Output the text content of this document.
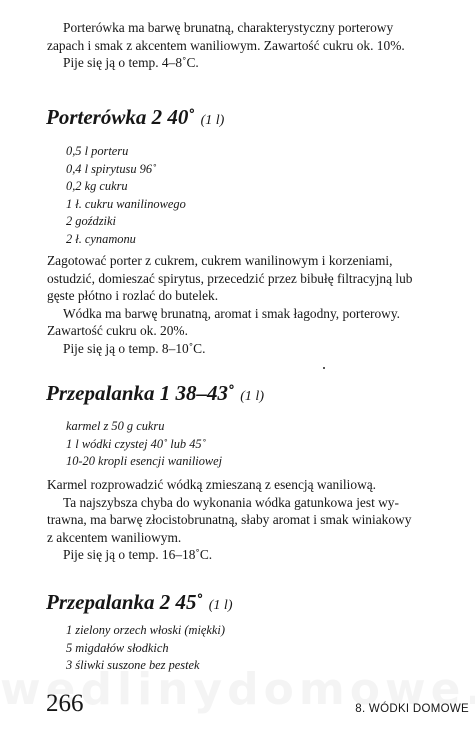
Porterówka ma barwę brunatną, charakterystyczny porterowy
zapach i smak z akcentem waniliowym. Zawartość cukru ok. 10%.
Pije się ją o temp. 4–8˚C.
Porterówka 2 40˚ (1 l)
0,5 l porteru
0,4 l spirytusu 96˚
0,2 kg cukru
1 ł. cukru wanilinowego
2 goździki
2 ł. cynamonu
Zagotować porter z cukrem, cukrem wanilinowym i korzeniami,
ostudzić, domieszać spirytus, przecedzić przez bibułę filtracyjną lub
gęste płótno i rozlać do butelek.
Wódka ma barwę brunatną, aromat i smak łagodny, porterowy.
Zawartość cukru ok. 20%.
Pije się ją o temp. 8–10˚C.
Przepalanka 1 38–43˚ (1 l)
karmel z 50 g cukru
1 l wódki czystej 40˚ lub 45˚
10-20 kropli esencji waniliowej
Karmel rozprowadzić wódką zmieszaną z esencją waniliową.
Ta najszybsza chyba do wykonania wódka gatunkowa jest wy-
trawna, ma barwę złocistobrunatną, słaby aromat i smak winiakowy
z akcentem waniliowym.
Pije się ją o temp. 16–18˚C.
Przepalanka 2 45˚ (1 l)
1 zielony orzech włoski (miękki)
5 migdałów słodkich
3 śliwki suszone bez pestek
266	8. WÓDKI DOMOWE
